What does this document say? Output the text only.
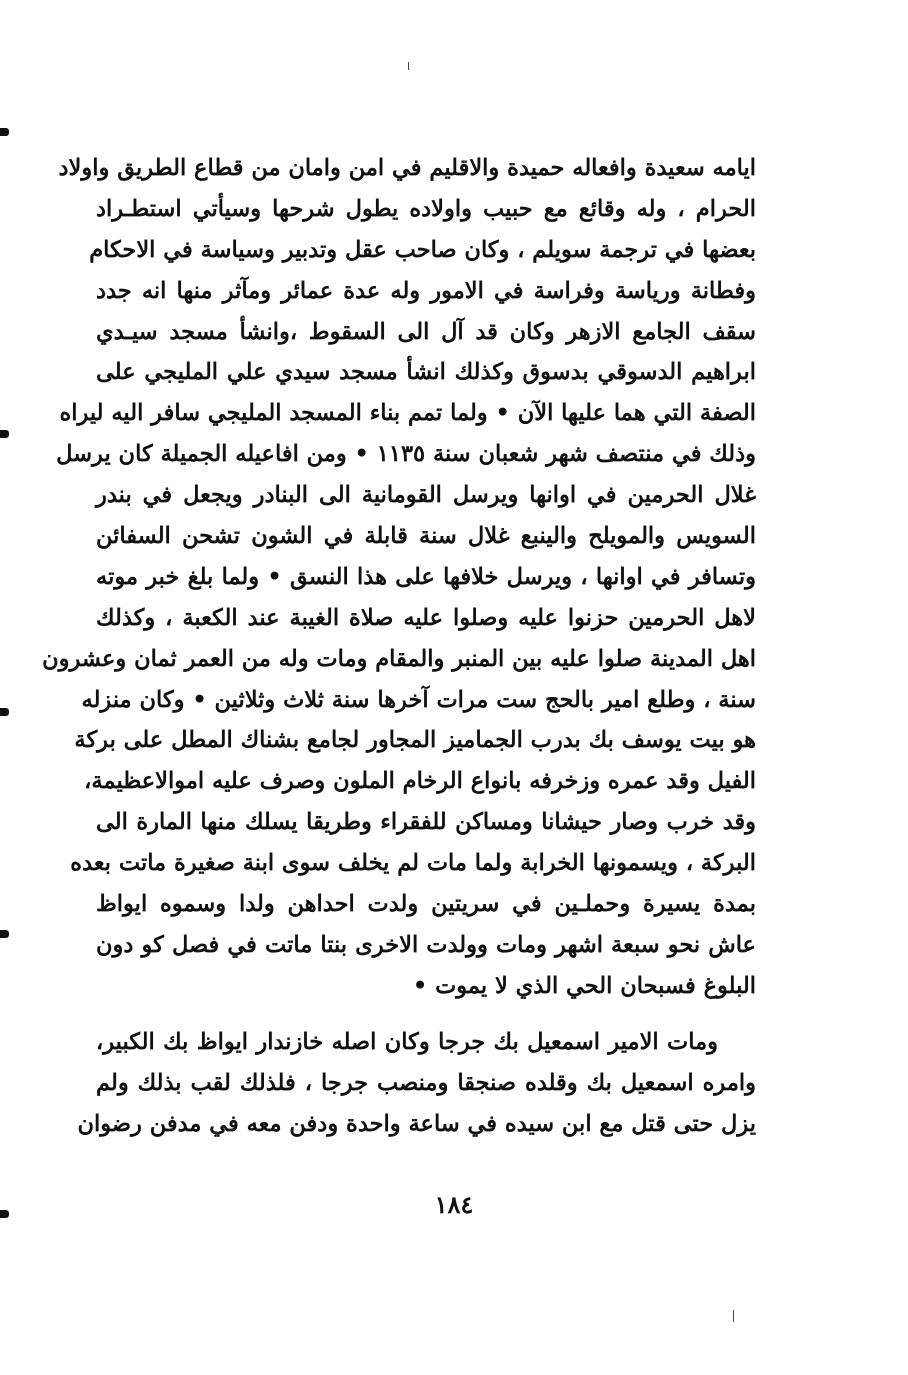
ايامه سعيدة وافعاله حميدة والاقليم في امن وامان من قطاع الطريق واولاد
الحرام ، وله وقائع مع حبيب واولاده يطول شرحها وسيأتي استطـراد
بعضها في ترجمة سويلم ، وكان صاحب عقل وتدبير وسياسة في الاحكام
وفطانة ورياسة وفراسة في الامور وله عدة عمائر ومآثر منها انه جدد
سقف الجامع الازهر وكان قد آل الى السقوط ،وانشأ مسجد سيـدي
ابراهيم الدسوقي بدسوق وكذلك انشأ مسجد سيدي علي المليجي على
الصفة التي هما عليها الآن • ولما تمم بناء المسجد المليجي سافر اليه ليراه
وذلك في منتصف شهر شعبان سنة ١١٣٥ • ومن افاعيله الجميلة كان يرسل
غلال الحرمين في اوانها ويرسل القومانية الى البنادر ويجعل في بندر
السويس والمويلح والينبع غلال سنة قابلة في الشون تشحن السفائن
وتسافر في اوانها ، ويرسل خلافها على هذا النسق • ولما بلغ خبر موته
لاهل الحرمين حزنوا عليه وصلوا عليه صلاة الغيبة عند الكعبة ، وكذلك
اهل المدينة صلوا عليه بين المنبر والمقام ومات وله من العمر ثمان وعشرون
سنة ، وطلع امير بالحج ست مرات آخرها سنة ثلاث وثلاثين • وكان منزله
هو بيت يوسف بك بدرب الجماميز المجاور لجامع بشناك المطل على بركة
الفيل وقد عمره وزخرفه بانواع الرخام الملون وصرف عليه اموالاعظيمة،
وقد خرب وصار حيشانا ومساكن للفقراء وطريقا يسلك منها المارة الى
البركة ، ويسمونها الخرابة ولما مات لم يخلف سوى ابنة صغيرة ماتت بعده
بمدة يسيرة وحملـين في سريتين ولدت احداهن ولدا وسموه ايواظ
عاش نحو سبعة اشهر ومات وولدت الاخرى بنتا ماتت في فصل كو دون
البلوغ فسبحان الحي الذي لا يموت •
ومات الامير اسمعيل بك جرجا وكان اصله خازندار ايواظ بك الكبير،
وامره اسمعيل بك وقلده صنجقا ومنصب جرجا ، فلذلك لقب بذلك ولم
يزل حتى قتل مع ابن سيده في ساعة واحدة ودفن معه في مدفن رضوان
١٨٤
